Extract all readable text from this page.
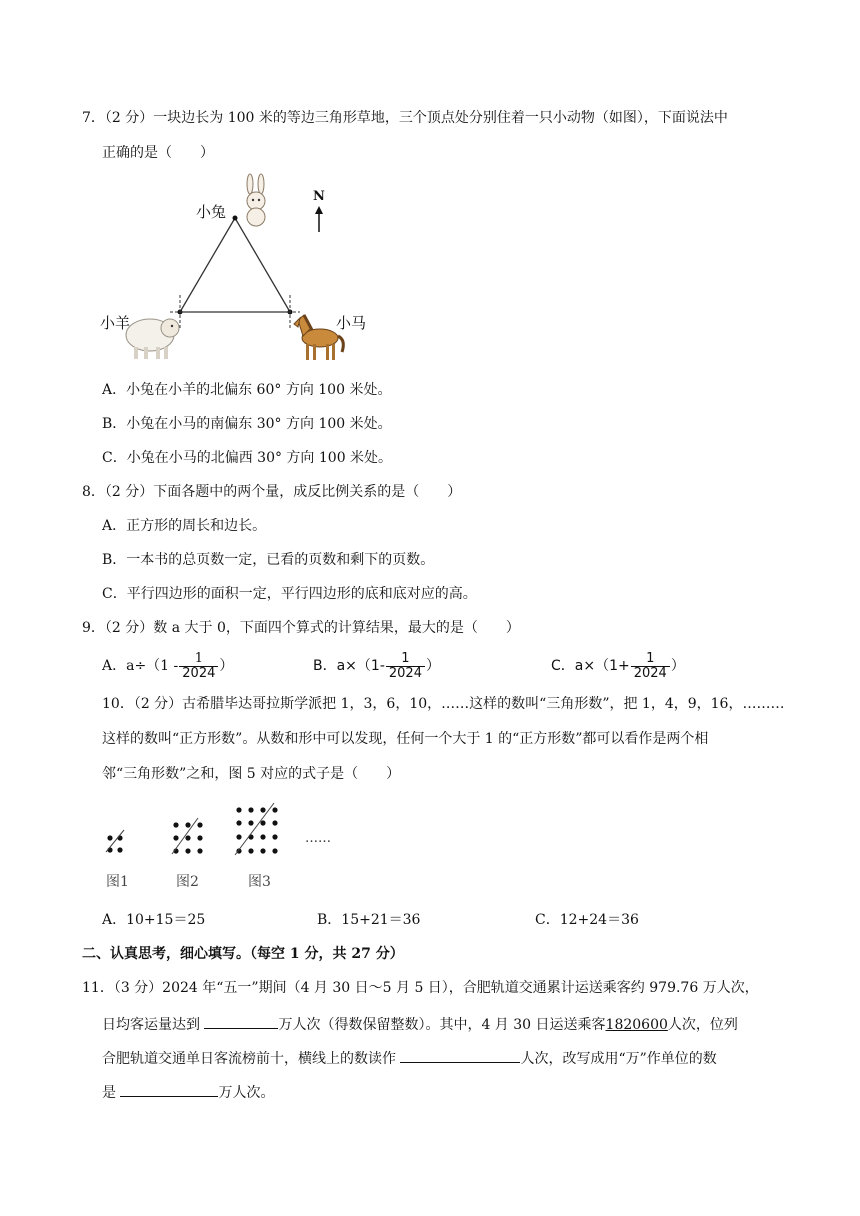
7．（2 分）一块边长为 100 米的等边三角形草地，三个顶点处分别住着一只小动物（如图），下面说法中
正确的是（　　）
小兔
小羊	小马
N
A．小兔在小羊的北偏东 60° 方向 100 米处。
B．小兔在小马的南偏东 30° 方向 100 米处。
C．小兔在小马的北偏西 30° 方向 100 米处。
8．（2 分）下面各题中的两个量，成反比例关系的是（　　）
A．正方形的周长和边长。
B．一本书的总页数一定，已看的页数和剩下的页数。
C．平行四边形的面积一定，平行四边形的底和底对应的高。
9．（2 分）数 a 大于 0，下面四个算式的计算结果，最大的是（　　）
A．$a\div(1 - \frac{1}{2024}$ ）	B．$a\times(1- \frac{1}{2024}$ ）	C．$a\times(1+ \frac{1}{2024}$ ）
10．（2 分）古希腊毕达哥拉斯学派把 1，3，6，10，……这样的数叫“三角形数”，把 1，4，9，16，………
这样的数叫“正方形数”。从数和形中可以发现，任何一个大于 1 的“正方形数”都可以看作是两个相
邻“三角形数”之和，图 5 对应的式子是（　　）
……
图1	图2	图3
A．10+15＝25	B．15+21＝36	C．12+24＝36
二、认真思考，细心填写。（每空 1 分，共 27 分）
11．（3 分）2024 年“五一”期间（4 月 30 日～5 月 5 日），合肥轨道交通累计运送乘客约 979.76 万人次，
日均客运量达到	万人次（得数保留整数）。其中，4 月 30 日运送乘客1820600人次，位列
合肥轨道交通单日客流榜前十，横线上的数读作	人次，改写成用“万”作单位的数
是	万人次。
